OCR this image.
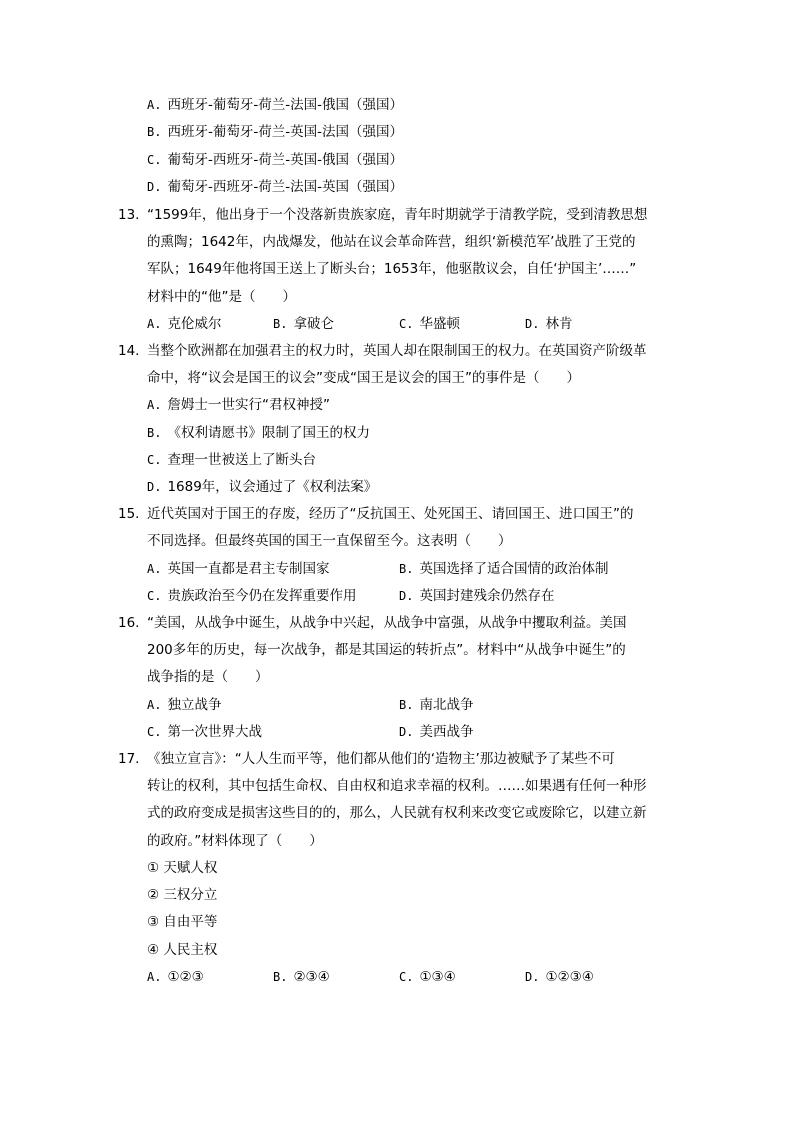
A. 西班牙-葡萄牙-荷兰-法国-俄国（强国）
B. 西班牙-葡萄牙-荷兰-英国-法国（强国）
C. 葡萄牙-西班牙-荷兰-英国-俄国（强国）
D. 葡萄牙-西班牙-荷兰-法国-英国（强国）
13. “1599年，他出身于一个没落新贵族家庭，青年时期就学于清教学院，受到清教思想
的熏陶；1642年，内战爆发，他站在议会革命阵营，组织‘新模范军’战胜了王党的
军队；1649年他将国王送上了断头台；1653年，他驱散议会，自任‘护国主’……”
材料中的“他”是（　　）
A. 克伦威尔	B. 拿破仑	C. 华盛顿	D. 林肯
14. 当整个欧洲都在加强君主的权力时，英国人却在限制国王的权力。在英国资产阶级革
命中，将“议会是国王的议会”变成“国王是议会的国王”的事件是（　　）
A. 詹姆士一世实行“君权神授”
B. 《权利请愿书》限制了国王的权力
C. 查理一世被送上了断头台
D. 1689年，议会通过了《权利法案》
15. 近代英国对于国王的存废，经历了“反抗国王、处死国王、请回国王、进口国王”的
不同选择。但最终英国的国王一直保留至今。这表明（　　）
A. 英国一直都是君主专制国家	B. 英国选择了适合国情的政治体制
C. 贵族政治至今仍在发挥重要作用	D. 英国封建残余仍然存在
16. “美国，从战争中诞生，从战争中兴起，从战争中富强，从战争中攫取利益。美国
200多年的历史，每一次战争，都是其国运的转折点”。材料中“从战争中诞生”的
战争指的是（　　）
A. 独立战争	B. 南北战争
C. 第一次世界大战	D. 美西战争
17. 《独立宣言》：“人人生而平等，他们都从他们的‘造物主’那边被赋予了某些不可
转让的权利，其中包括生命权、自由权和追求幸福的权利。……如果遇有任何一种形
式的政府变成是损害这些目的的，那么，人民就有权利来改变它或废除它，以建立新
的政府。”材料体现了（　　）
① 天赋人权
② 三权分立
③ 自由平等
④ 人民主权
A. ①②③	B. ②③④	C. ①③④	D. ①②③④
